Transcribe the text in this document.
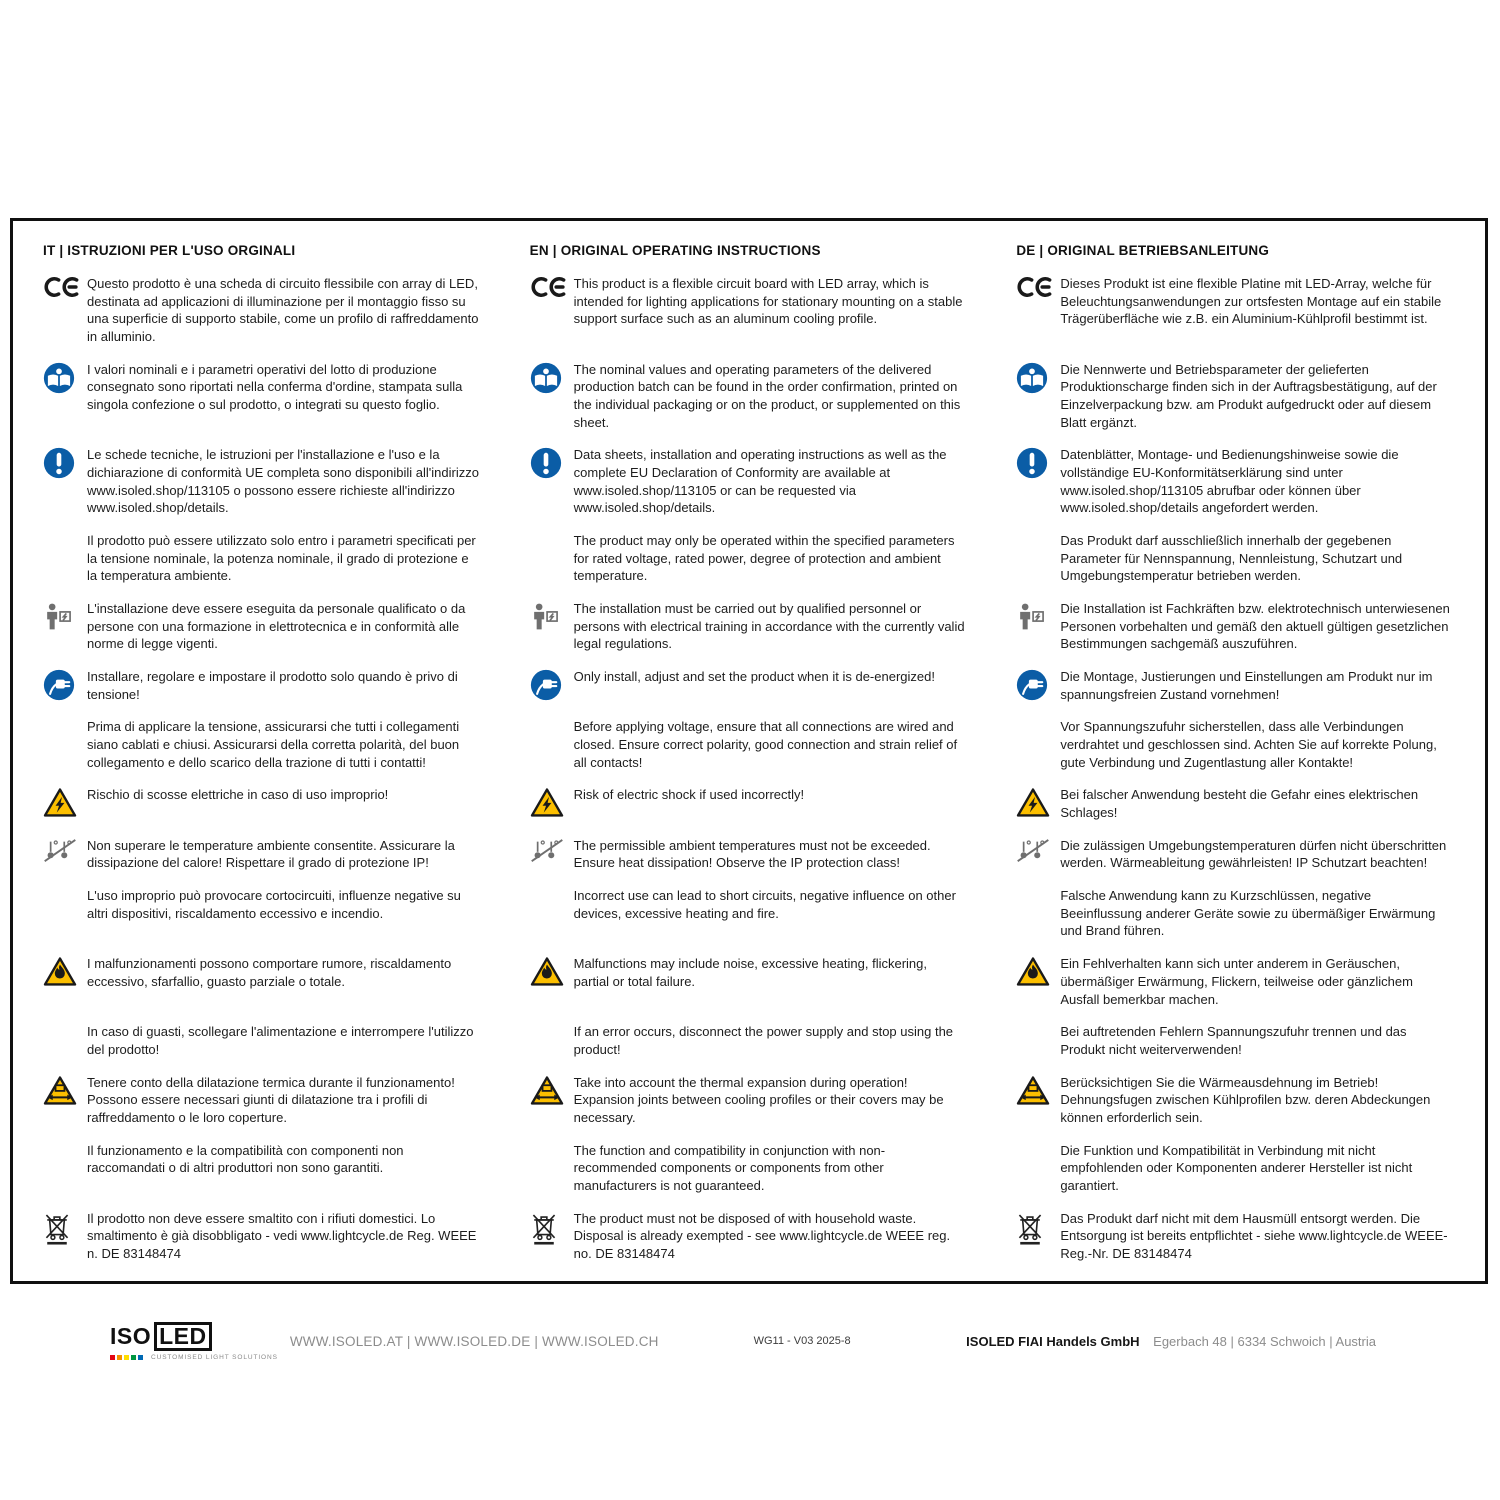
IT | ISTRUZIONI PER L'USO ORGINALI	EN | ORIGINAL OPERATING INSTRUCTIONS	DE | ORIGINAL BETRIEBSANLEITUNG

Questo prodotto è una scheda di circuito flessibile con array di LED, destinata ad applicazioni di illuminazione per il montaggio fisso su una superficie di supporto stabile, come un profilo di raffreddamento in alluminio.

This product is a flexible circuit board with LED array, which is intended for lighting applications for stationary mounting on a stable support surface such as an aluminum cooling profile.

Dieses Produkt ist eine flexible Platine mit LED-Array, welche für Beleuchtungsanwendungen zur ortsfesten Montage auf ein stabile Trägerüberfläche wie z.B. ein Aluminium-Kühlprofil bestimmt ist.

I valori nominali e i parametri operativi del lotto di produzione consegnato sono riportati nella conferma d'ordine, stampata sulla singola confezione o sul prodotto, o integrati su questo foglio.

The nominal values and operating parameters of the delivered production batch can be found in the order confirmation, printed on the individual packaging or on the product, or supplemented on this sheet.

Die Nennwerte und Betriebsparameter der gelieferten Produktionscharge finden sich in der Auftragsbestätigung, auf der Einzelverpackung bzw. am Produkt aufgedruckt oder auf diesem Blatt ergänzt.

Le schede tecniche, le istruzioni per l'installazione e l'uso e la dichiarazione di conformità UE completa sono disponibili all'indirizzo www.isoled.shop/113105 o possono essere richieste all'indirizzo www.isoled.shop/details.

Data sheets, installation and operating instructions as well as the complete EU Declaration of Conformity are available at www.isoled.shop/113105 or can be requested via www.isoled.shop/details.

Datenblätter, Montage- und Bedienungshinweise sowie die vollständige EU-Konformitätserklärung sind unter www.isoled.shop/113105 abrufbar oder können über www.isoled.shop/details angefordert werden.

Il prodotto può essere utilizzato solo entro i parametri specificati per la tensione nominale, la potenza nominale, il grado di protezione e la temperatura ambiente.

The product may only be operated within the specified parameters for rated voltage, rated power, degree of protection and ambient temperature.

Das Produkt darf ausschließlich innerhalb der gegebenen Parameter für Nennspannung, Nennleistung, Schutzart und Umgebungstemperatur betrieben werden.

L'installazione deve essere eseguita da personale qualificato o da persone con una formazione in elettrotecnica e in conformità alle norme di legge vigenti.

The installation must be carried out by qualified personnel or persons with electrical training in accordance with the currently valid legal regulations.

Die Installation ist Fachkräften bzw. elektrotechnisch unterwiesenen Personen vorbehalten und gemäß den aktuell gültigen gesetzlichen Bestimmungen sachgemäß auszuführen.

Installare, regolare e impostare il prodotto solo quando è privo di tensione!

Only install, adjust and set the product when it is de-energized!	Die Montage, Justierungen und Einstellungen am Produkt nur im spannungsfreien Zustand vornehmen!

Prima di applicare la tensione, assicurarsi che tutti i collegamenti siano cablati e chiusi. Assicurarsi della corretta polarità, del buon collegamento e dello scarico della trazione di tutti i contatti!

Before applying voltage, ensure that all connections are wired and closed. Ensure correct polarity, good connection and strain relief of all contacts!

Vor Spannungszufuhr sicherstellen, dass alle Verbindungen verdrahtet und geschlossen sind. Achten Sie auf korrekte Polung, gute Verbindung und Zugentlastung aller Kontakte!

Rischio di scosse elettriche in caso di uso improprio!	Risk of electric shock if used incorrectly!	Bei falscher Anwendung besteht die Gefahr eines elektrischen Schlages!

Non superare le temperature ambiente consentite. Assicurare la dissipazione del calore! Rispettare il grado di protezione IP!

The permissible ambient temperatures must not be exceeded. Ensure heat dissipation! Observe the IP protection class!

Die zulässigen Umgebungstemperaturen dürfen nicht überschritten werden. Wärmeableitung gewährleisten! IP Schutzart beachten!

L'uso improprio può provocare cortocircuiti, influenze negative su altri dispositivi, riscaldamento eccessivo e incendio.

Incorrect use can lead to short circuits, negative influence on other devices, excessive heating and fire.

Falsche Anwendung kann zu Kurzschlüssen, negative Beeinflussung anderer Geräte sowie zu übermäßiger Erwärmung und Brand führen.

I malfunzionamenti possono comportare rumore, riscaldamento eccessivo, sfarfallio, guasto parziale o totale.

Malfunctions may include noise, excessive heating, flickering, partial or total failure.

Ein Fehlverhalten kann sich unter anderem in Geräuschen, übermäßiger Erwärmung, Flickern, teilweise oder gänzlichem Ausfall bemerkbar machen.

In caso di guasti, scollegare l'alimentazione e interrompere l'utilizzo del prodotto!

If an error occurs, disconnect the power supply and stop using the product!

Bei auftretenden Fehlern Spannungszufuhr trennen und das Produkt nicht weiterverwenden!

Tenere conto della dilatazione termica durante il funzionamento! Possono essere necessari giunti di dilatazione tra i profili di raffreddamento o le loro coperture.

Take into account the thermal expansion during operation! Expansion joints between cooling profiles or their covers may be necessary.

Berücksichtigen Sie die Wärmeausdehnung im Betrieb! Dehnungsfugen zwischen Kühlprofilen bzw. deren Abdeckungen können erforderlich sein.

Il funzionamento e la compatibilità con componenti non raccomandati o di altri produttori non sono garantiti.

The function and compatibility in conjunction with non-recommended components or components from other manufacturers is not guaranteed.

Die Funktion und Kompatibilität in Verbindung mit nicht empfohlenden oder Komponenten anderer Hersteller ist nicht garantiert.

Il prodotto non deve essere smaltito con i rifiuti domestici. Lo smaltimento è già disobbligato - vedi www.lightcycle.de Reg. WEEE n. DE 83148474

The product must not be disposed of with household waste. Disposal is already exempted - see www.lightcycle.de WEEE reg. no. DE 83148474

Das Produkt darf nicht mit dem Hausmüll entsorgt werden. Die Entsorgung ist bereits entpflichtet - siehe www.lightcycle.de WEEE-Reg.-Nr. DE 83148474

ISO LED
CUSTOMISED LIGHT SOLUTIONS
WWW.ISOLED.AT | WWW.ISOLED.DE | WWW.ISOLED.CH	WG11 - V03 2025-8	ISOLED FIAI Handels GmbH Egerbach 48 | 6334 Schwoich | Austria
